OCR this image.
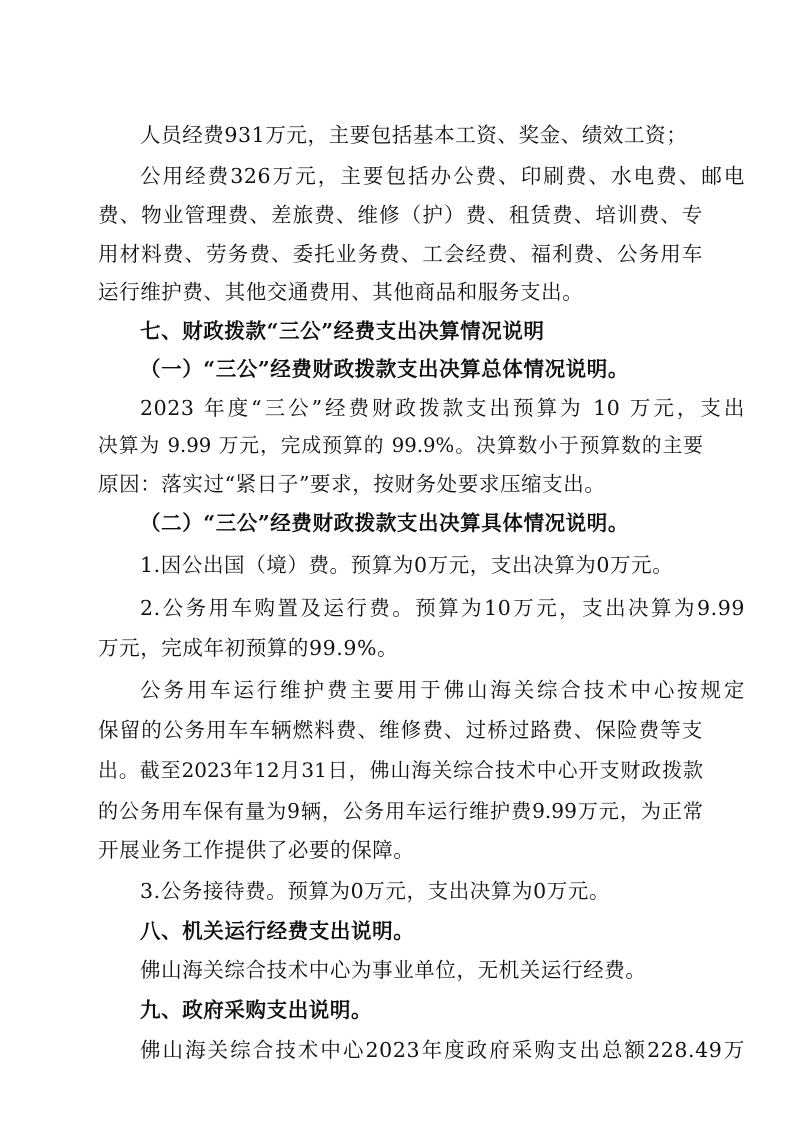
人员经费931万元，主要包括基本工资、奖金、绩效工资；
公用经费326万元，主要包括办公费、印刷费、水电费、邮电
费、物业管理费、差旅费、维修（护）费、租赁费、培训费、专
用材料费、劳务费、委托业务费、工会经费、福利费、公务用车
运行维护费、其他交通费用、其他商品和服务支出。
七、财政拨款“三公”经费支出决算情况说明
（一）“三公”经费财政拨款支出决算总体情况说明。
2023 年度“三公”经费财政拨款支出预算为 10 万元，支出
决算为 9.99 万元，完成预算的 99.9%。决算数小于预算数的主要
原因：落实过“紧日子”要求，按财务处要求压缩支出。
（二）“三公”经费财政拨款支出决算具体情况说明。
1.因公出国（境）费。预算为0万元，支出决算为0万元。
2.公务用车购置及运行费。预算为10万元，支出决算为9.99
万元，完成年初预算的99.9%。
公务用车运行维护费主要用于佛山海关综合技术中心按规定
保留的公务用车车辆燃料费、维修费、过桥过路费、保险费等支
出。截至2023年12月31日，佛山海关综合技术中心开支财政拨款
的公务用车保有量为9辆，公务用车运行维护费9.99万元，为正常
开展业务工作提供了必要的保障。
3.公务接待费。预算为0万元，支出决算为0万元。
八、机关运行经费支出说明。
佛山海关综合技术中心为事业单位，无机关运行经费。
九、政府采购支出说明。
佛山海关综合技术中心2023年度政府采购支出总额228.49万
